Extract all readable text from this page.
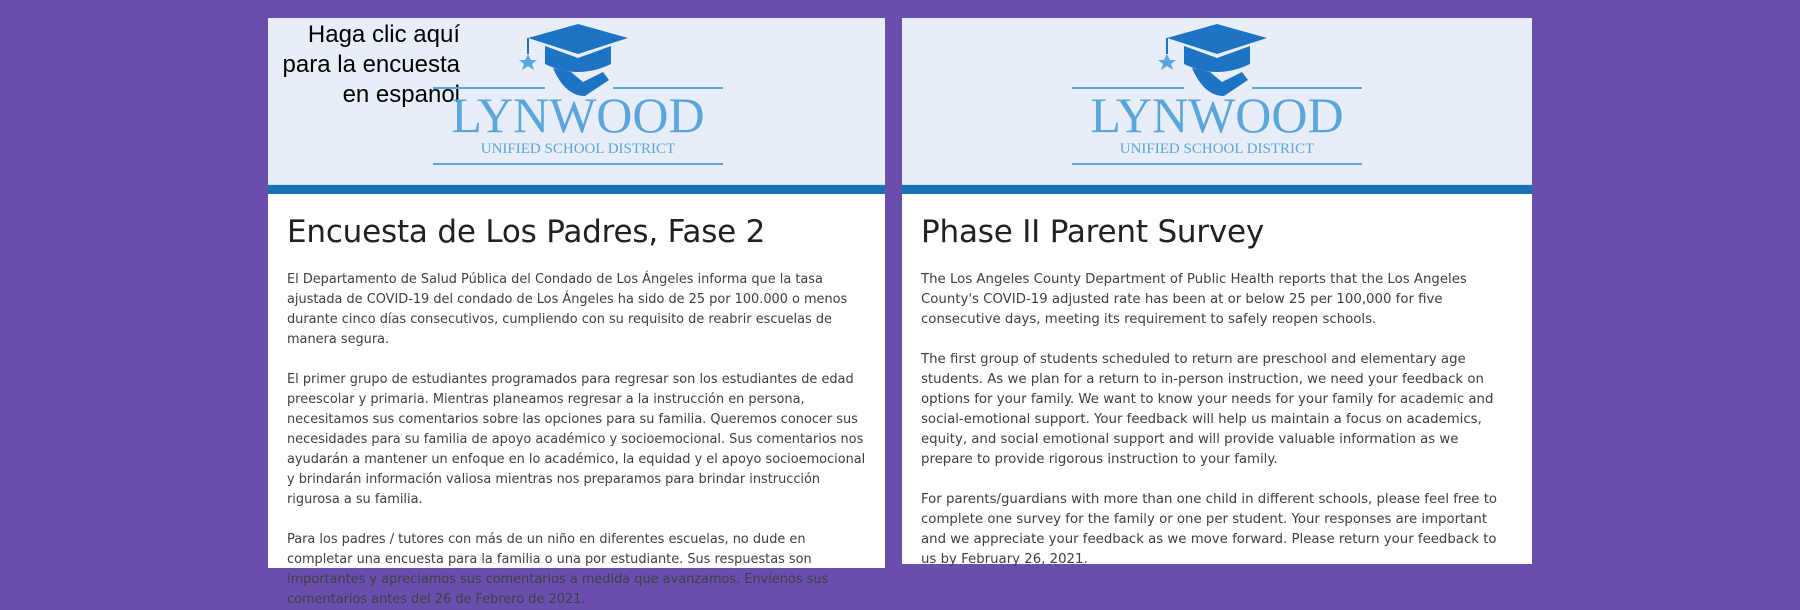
Haga clic aquí
para la encuesta
en espanol
LYNWOOD
UNIFIED SCHOOL DISTRICT
Encuesta de Los Padres, Fase 2

El Departamento de Salud Pública del Condado de Los Ángeles informa que la tasa ajustada de COVID-19 del condado de Los Ángeles ha sido de 25 por 100.000 o menos durante cinco días consecutivos, cumpliendo con su requisito de reabrir escuelas de manera segura.

El primer grupo de estudiantes programados para regresar son los estudiantes de edad preescolar y primaria. Mientras planeamos regresar a la instrucción en persona, necesitamos sus comentarios sobre las opciones para su familia. Queremos conocer sus necesidades para su familia de apoyo académico y socioemocional. Sus comentarios nos ayudarán a mantener un enfoque en lo académico, la equidad y el apoyo socioemocional y brindarán información valiosa mientras nos preparamos para brindar instrucción rigurosa a su familia.

Para los padres / tutores con más de un niño en diferentes escuelas, no dude en completar una encuesta para la familia o una por estudiante. Sus respuestas son importantes y apreciamos sus comentarios a medida que avanzamos. Envíenos sus comentarios antes del 26 de Febrero de 2021.

LYNWOOD
UNIFIED SCHOOL DISTRICT
Phase II Parent Survey

The Los Angeles County Department of Public Health reports that the Los Angeles County's COVID-19 adjusted rate has been at or below 25 per 100,000 for five consecutive days, meeting its requirement to safely reopen schools.

The first group of students scheduled to return are preschool and elementary age students. As we plan for a return to in-person instruction, we need your feedback on options for your family. We want to know your needs for your family for academic and social-emotional support. Your feedback will help us maintain a focus on academics, equity, and social emotional support and will provide valuable information as we prepare to provide rigorous instruction to your family.

For parents/guardians with more than one child in different schools, please feel free to complete one survey for the family or one per student. Your responses are important and we appreciate your feedback as we move forward. Please return your feedback to us by February 26, 2021.
